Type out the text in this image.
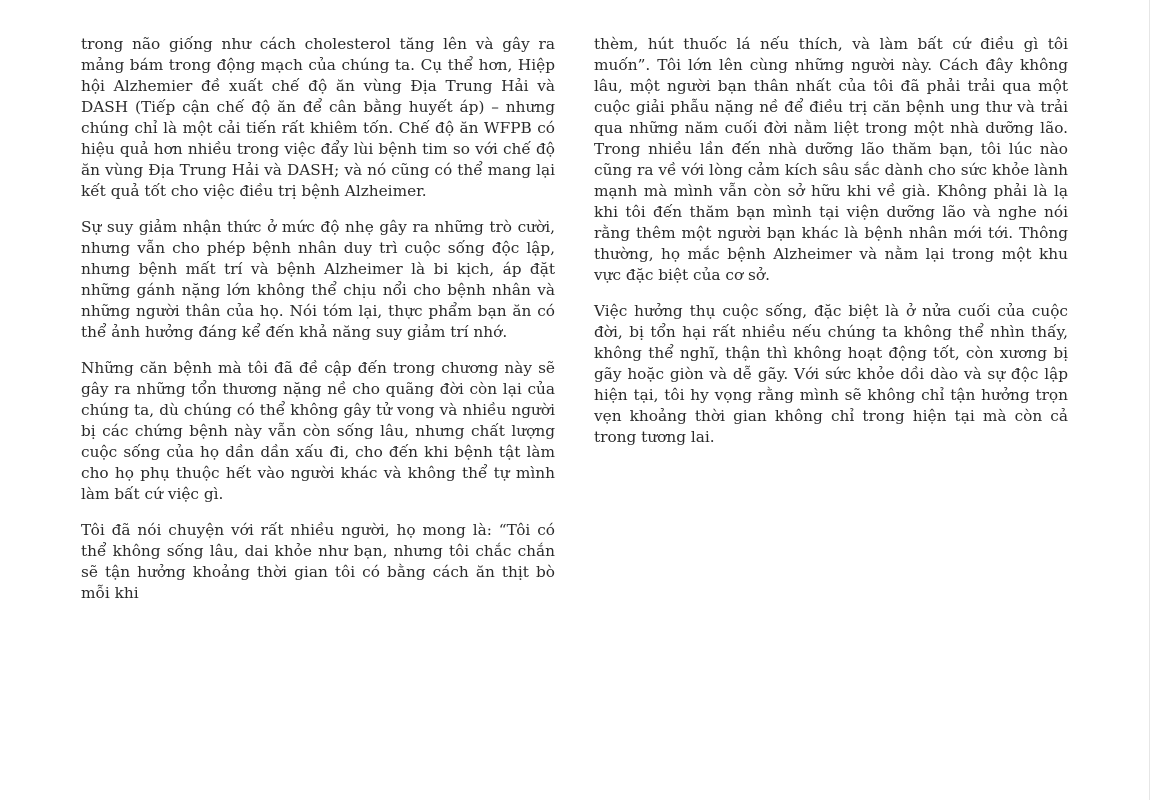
trong não giống như cách cholesterol tăng lên và gây ra mảng bám trong động mạch của chúng ta. Cụ thể hơn, Hiệp hội Alzhemier đề xuất chế độ ăn vùng Địa Trung Hải và DASH (Tiếp cận chế độ ăn để cân bằng huyết áp) – nhưng chúng chỉ là một cải tiến rất khiêm tốn. Chế độ ăn WFPB có hiệu quả hơn nhiều trong việc đẩy lùi bệnh tim so với chế độ ăn vùng Địa Trung Hải và DASH; và nó cũng có thể mang lại kết quả tốt cho việc điều trị bệnh Alzheimer.

Sự suy giảm nhận thức ở mức độ nhẹ gây ra những trò cười, nhưng vẫn cho phép bệnh nhân duy trì cuộc sống độc lập, nhưng bệnh mất trí và bệnh Alzheimer là bi kịch, áp đặt những gánh nặng lớn không thể chịu nổi cho bệnh nhân và những người thân của họ. Nói tóm lại, thực phẩm bạn ăn có thể ảnh hưởng đáng kể đến khả năng suy giảm trí nhớ.

Những căn bệnh mà tôi đã đề cập đến trong chương này sẽ gây ra những tổn thương nặng nề cho quãng đời còn lại của chúng ta, dù chúng có thể không gây tử vong và nhiều người bị các chứng bệnh này vẫn còn sống lâu, nhưng chất lượng cuộc sống của họ dần dần xấu đi, cho đến khi bệnh tật làm cho họ phụ thuộc hết vào người khác và không thể tự mình làm bất cứ việc gì.

Tôi đã nói chuyện với rất nhiều người, họ mong là: “Tôi có thể không sống lâu, dai khỏe như bạn, nhưng tôi chắc chắn sẽ tận hưởng khoảng thời gian tôi có bằng cách ăn thịt bò mỗi khi

thèm, hút thuốc lá nếu thích, và làm bất cứ điều gì tôi muốn”. Tôi lớn lên cùng những người này. Cách đây không lâu, một người bạn thân nhất của tôi đã phải trải qua một cuộc giải phẫu nặng nề để điều trị căn bệnh ung thư và trải qua những năm cuối đời nằm liệt trong một nhà dưỡng lão. Trong nhiều lần đến nhà dưỡng lão thăm bạn, tôi lúc nào cũng ra về với lòng cảm kích sâu sắc dành cho sức khỏe lành mạnh mà mình vẫn còn sở hữu khi về già. Không phải là lạ khi tôi đến thăm bạn mình tại viện dưỡng lão và nghe nói rằng thêm một người bạn khác là bệnh nhân mới tới. Thông thường, họ mắc bệnh Alzheimer và nằm lại trong một khu vực đặc biệt của cơ sở.

Việc hưởng thụ cuộc sống, đặc biệt là ở nửa cuối của cuộc đời, bị tổn hại rất nhiều nếu chúng ta không thể nhìn thấy, không thể nghĩ, thận thì không hoạt động tốt, còn xương bị gãy hoặc giòn và dễ gãy. Với sức khỏe dồi dào và sự độc lập hiện tại, tôi hy vọng rằng mình sẽ không chỉ tận hưởng trọn vẹn khoảng thời gian không chỉ trong hiện tại mà còn cả trong tương lai.
